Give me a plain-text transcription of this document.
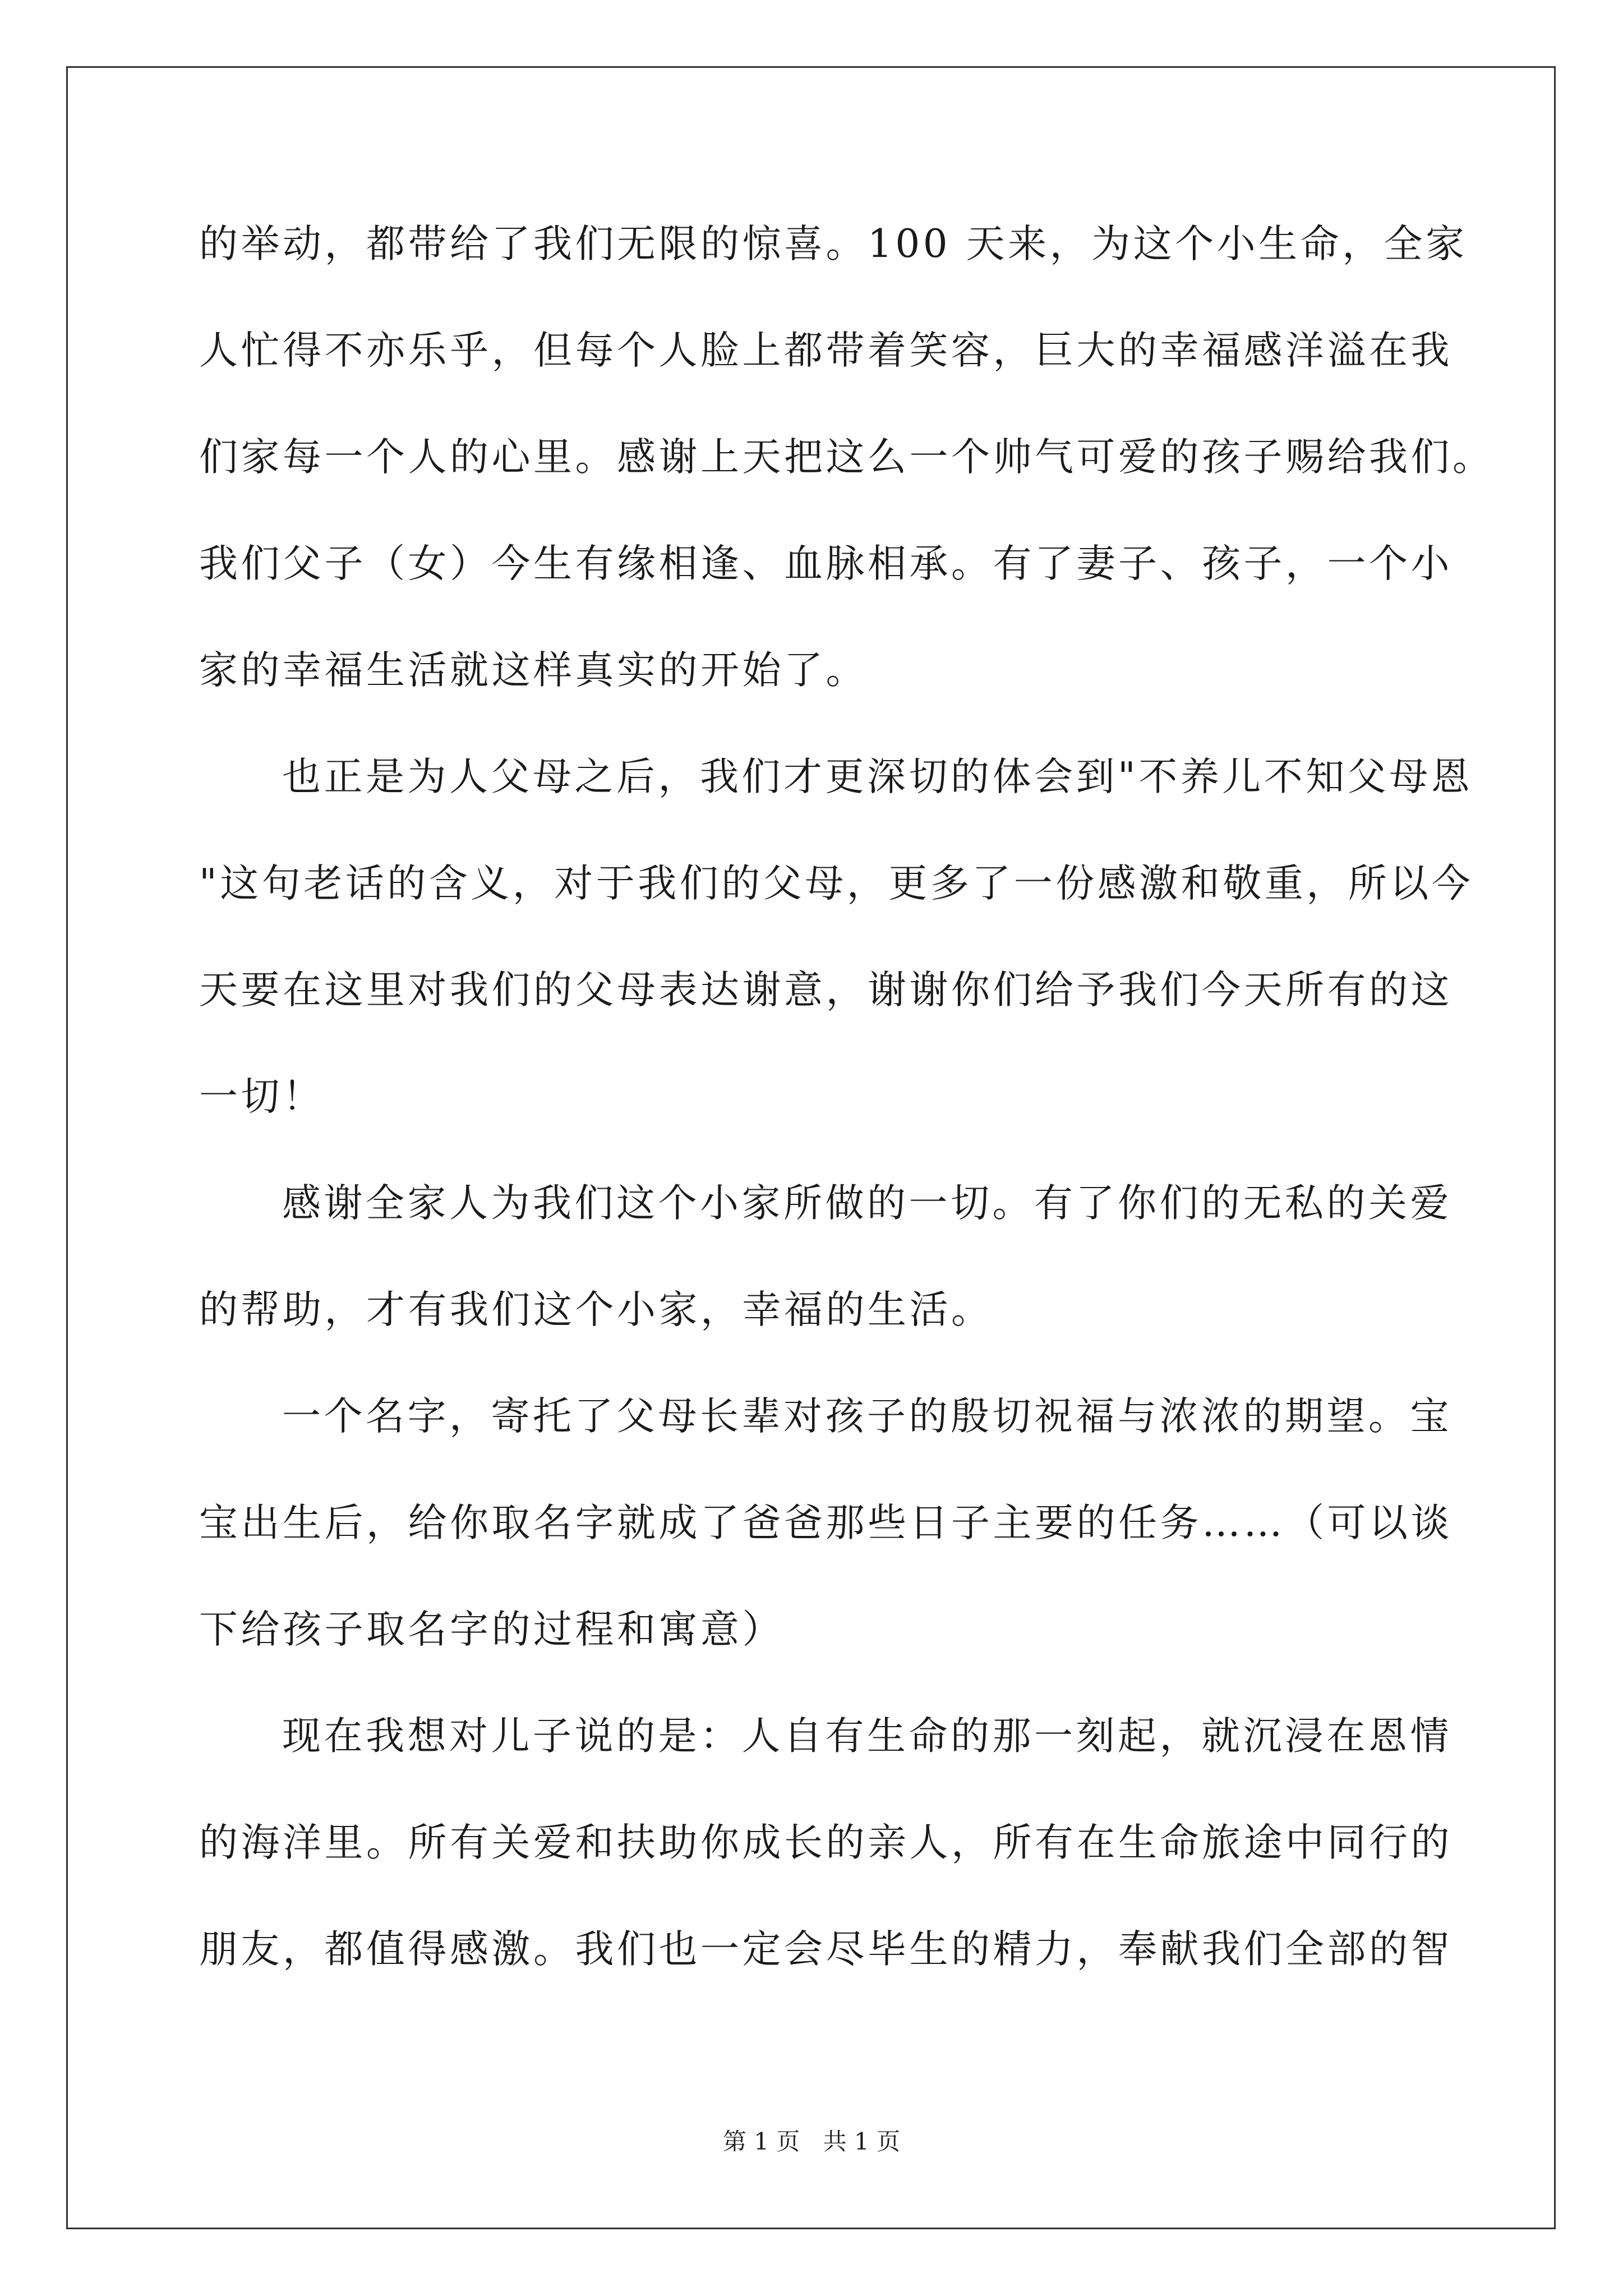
的举动，都带给了我们无限的惊喜。100 天来，为这个小生命，全家
人忙得不亦乐乎，但每个人脸上都带着笑容，巨大的幸福感洋溢在我
们家每一个人的心里。感谢上天把这么一个帅气可爱的孩子赐给我们。
我们父子（女）今生有缘相逢、血脉相承。有了妻子、孩子，一个小
家的幸福生活就这样真实的开始了。
也正是为人父母之后，我们才更深切的体会到"不养儿不知父母恩
"这句老话的含义，对于我们的父母，更多了一份感激和敬重，所以今
天要在这里对我们的父母表达谢意，谢谢你们给予我们今天所有的这
一切！
感谢全家人为我们这个小家所做的一切。有了你们的无私的关爱
的帮助，才有我们这个小家，幸福的生活。
一个名字，寄托了父母长辈对孩子的殷切祝福与浓浓的期望。宝
宝出生后，给你取名字就成了爸爸那些日子主要的任务……（可以谈
下给孩子取名字的过程和寓意）
现在我想对儿子说的是：人自有生命的那一刻起，就沉浸在恩情
的海洋里。所有关爱和扶助你成长的亲人，所有在生命旅途中同行的
朋友，都值得感激。我们也一定会尽毕生的精力，奉献我们全部的智
第 1 页 共 1 页
